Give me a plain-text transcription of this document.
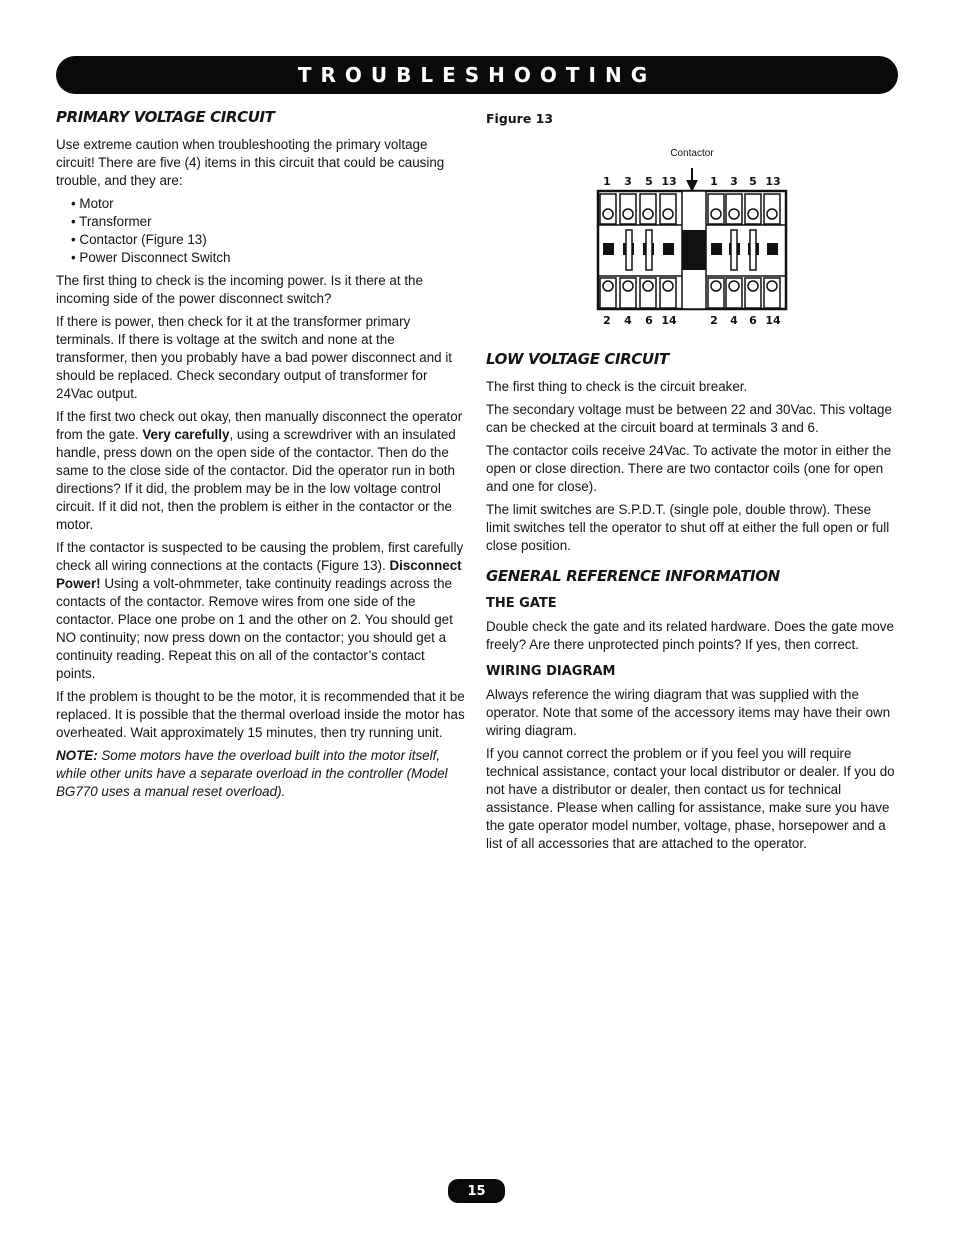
TROUBLESHOOTING
PRIMARY VOLTAGE CIRCUIT

Use extreme caution when troubleshooting the primary voltage circuit! There are five (4) items in this circuit that could be causing trouble, and they are:

• Motor
• Transformer
• Contactor (Figure 13)
• Power Disconnect Switch

The first thing to check is the incoming power. Is it there at the incoming side of the power disconnect switch?

If there is power, then check for it at the transformer primary terminals. If there is voltage at the switch and none at the transformer, then you probably have a bad power disconnect and it should be replaced. Check secondary output of transformer for 24Vac output.

If the first two check out okay, then manually disconnect the operator from the gate. Very carefully, using a screwdriver with an insulated handle, press down on the open side of the contactor. Then do the same to the close side of the contactor. Did the operator run in both directions? If it did, the problem may be in the low voltage control circuit. If it did not, then the problem is either in the contactor or the motor.

If the contactor is suspected to be causing the problem, first carefully check all wiring connections at the contacts (Figure 13). Disconnect Power! Using a volt-ohmmeter, take continuity readings across the contacts of the contactor. Remove wires from one side of the contactor. Place one probe on 1 and the other on 2. You should get NO continuity; now press down on the contactor; you should get a continuity reading. Repeat this on all of the contactor’s contact points.

If the problem is thought to be the motor, it is recommended that it be replaced. It is possible that the thermal overload inside the motor has overheated. Wait approximately 15 minutes, then try running unit.

NOTE: Some motors have the overload built into the motor itself, while other units have a separate overload in the controller (Model BG770 uses a manual reset overload).

Figure 13
Contactor
1 3 5 13	1 3 5 13
2 4 6 14	2 4 6 14
LOW VOLTAGE CIRCUIT

The first thing to check is the circuit breaker.

The secondary voltage must be between 22 and 30Vac. This voltage can be checked at the circuit board at terminals 3 and 6.

The contactor coils receive 24Vac. To activate the motor in either the open or close direction. There are two contactor coils (one for open and one for close).

The limit switches are S.P.D.T. (single pole, double throw). These limit switches tell the operator to shut off at either the full open or full close position.

GENERAL REFERENCE INFORMATION
THE GATE

Double check the gate and its related hardware. Does the gate move freely? Are there unprotected pinch points? If yes, then correct.

WIRING DIAGRAM

Always reference the wiring diagram that was supplied with the operator. Note that some of the accessory items may have their own wiring diagram.

If you cannot correct the problem or if you feel you will require technical assistance, contact your local distributor or dealer. If you do not have a distributor or dealer, then contact us for technical assistance. Please when calling for assistance, make sure you have the gate operator model number, voltage, phase, horsepower and a list of all accessories that are attached to the operator.

15
